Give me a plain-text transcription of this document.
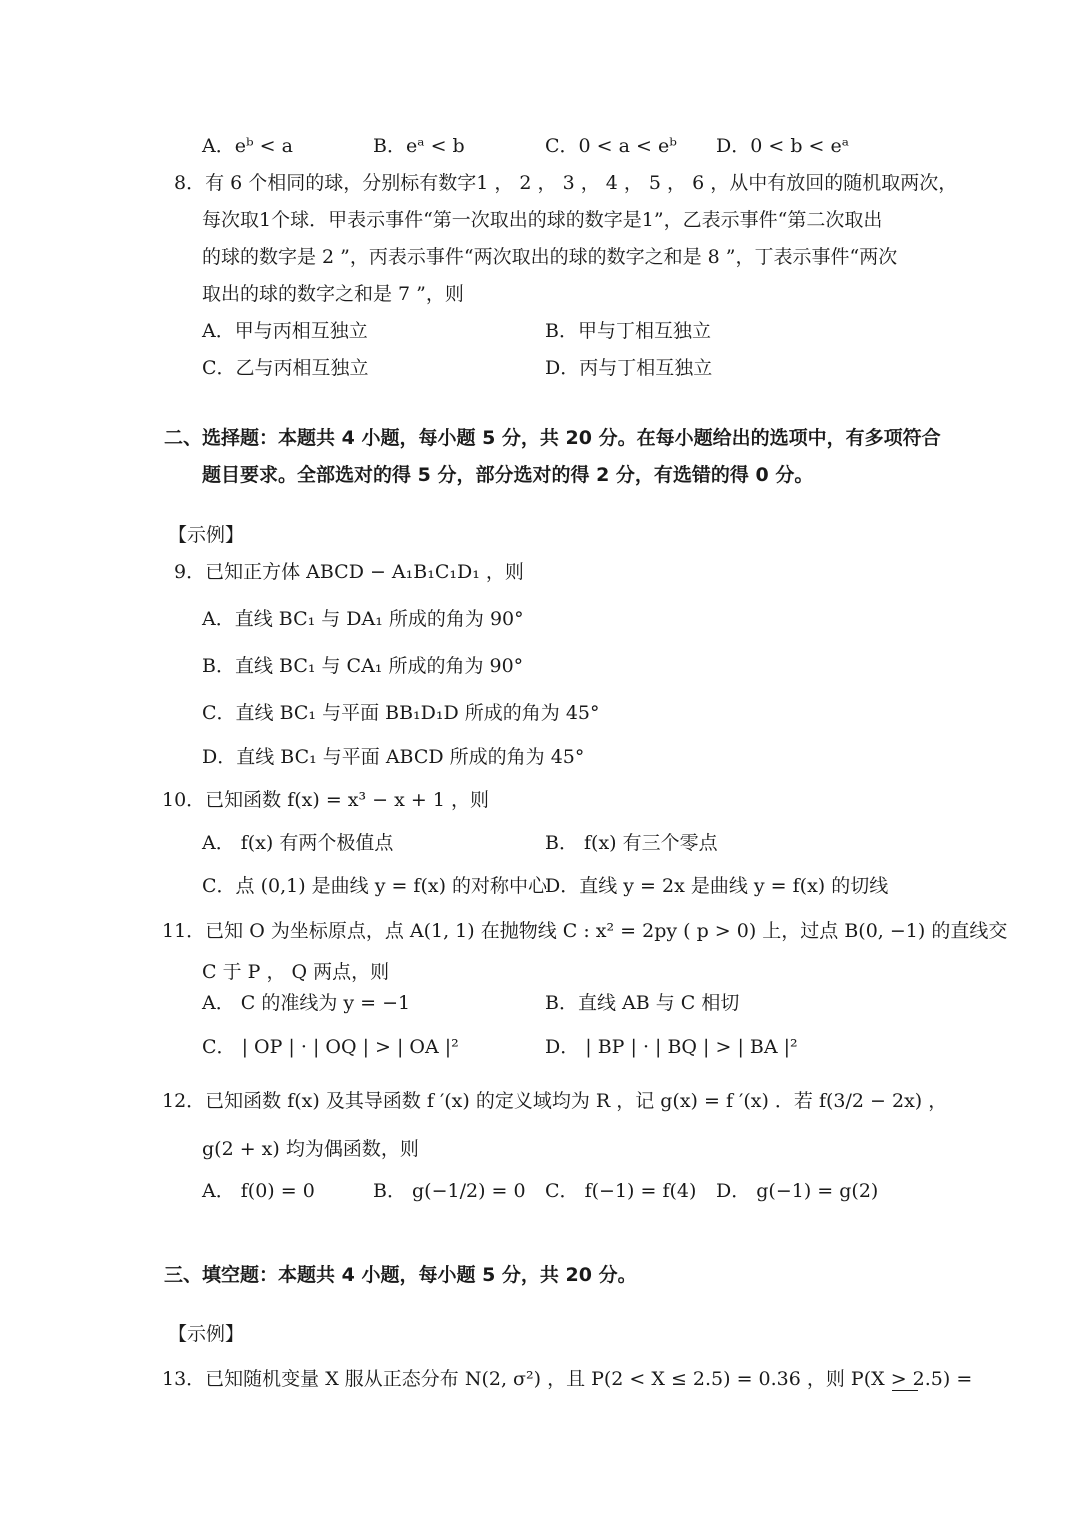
A．eᵇ < a	B．eᵃ < b	C．0 < a < eᵇ D．0 < b < eᵃ
8．有 6 个相同的球，分别标有数字1 ， 2 ， 3 ， 4 ， 5 ， 6 ，从中有放回的随机取两次，
每次取1个球．甲表示事件“第一次取出的球的数字是1”，乙表示事件“第二次取出
的球的数字是 2 ”，丙表示事件“两次取出的球的数字之和是 8 ”，丁表示事件“两次
取出的球的数字之和是 7 ”，则
A．甲与丙相互独立	B．甲与丁相互独立
C．乙与丙相互独立	D．丙与丁相互独立
二、选择题：本题共 4 小题，每小题 5 分，共 20 分。在每小题给出的选项中，有多项符合
题目要求。全部选对的得 5 分，部分选对的得 2 分，有选错的得 0 分。
【示例】
9．已知正方体 ABCD − A₁B₁C₁D₁ ，则
A．直线 BC₁ 与 DA₁ 所成的角为 90°
B．直线 BC₁ 与 CA₁ 所成的角为 90°
C．直线 BC₁ 与平面 BB₁D₁D 所成的角为 45°
D．直线 BC₁ 与平面 ABCD 所成的角为 45°
10．已知函数 f(x) = x³ − x + 1 ，则
A． f(x) 有两个极值点	B． f(x) 有三个零点
C．点 (0,1) 是曲线 y = f(x) 的对称中心
D．直线 y = 2x 是曲线 y = f(x) 的切线
11．已知 O 为坐标原点，点 A(1, 1) 在抛物线 C : x² = 2py ( p > 0) 上，过点 B(0, −1) 的直线交
C 于 P ， Q 两点，则
A． C 的准线为 y = −1	B．直线 AB 与 C 相切
C． | OP | · | OQ | > | OA |²	D． | BP | · | BQ | > | BA |²
12．已知函数 f(x) 及其导函数 f ′(x) 的定义域均为 R ，记 g(x) = f ′(x) ．若 f(3/2 − 2x) ，
g(2 + x) 均为偶函数，则
A． f(0) = 0	B． g(−1/2) = 0 C． f(−1) = f(4) D． g(−1) = g(2)
三、填空题：本题共 4 小题，每小题 5 分，共 20 分。
【示例】
13．已知随机变量 X 服从正态分布 N(2, σ²) ，且 P(2 < X ≤ 2.5) = 0.36 ，则 P(X > 2.5) =
